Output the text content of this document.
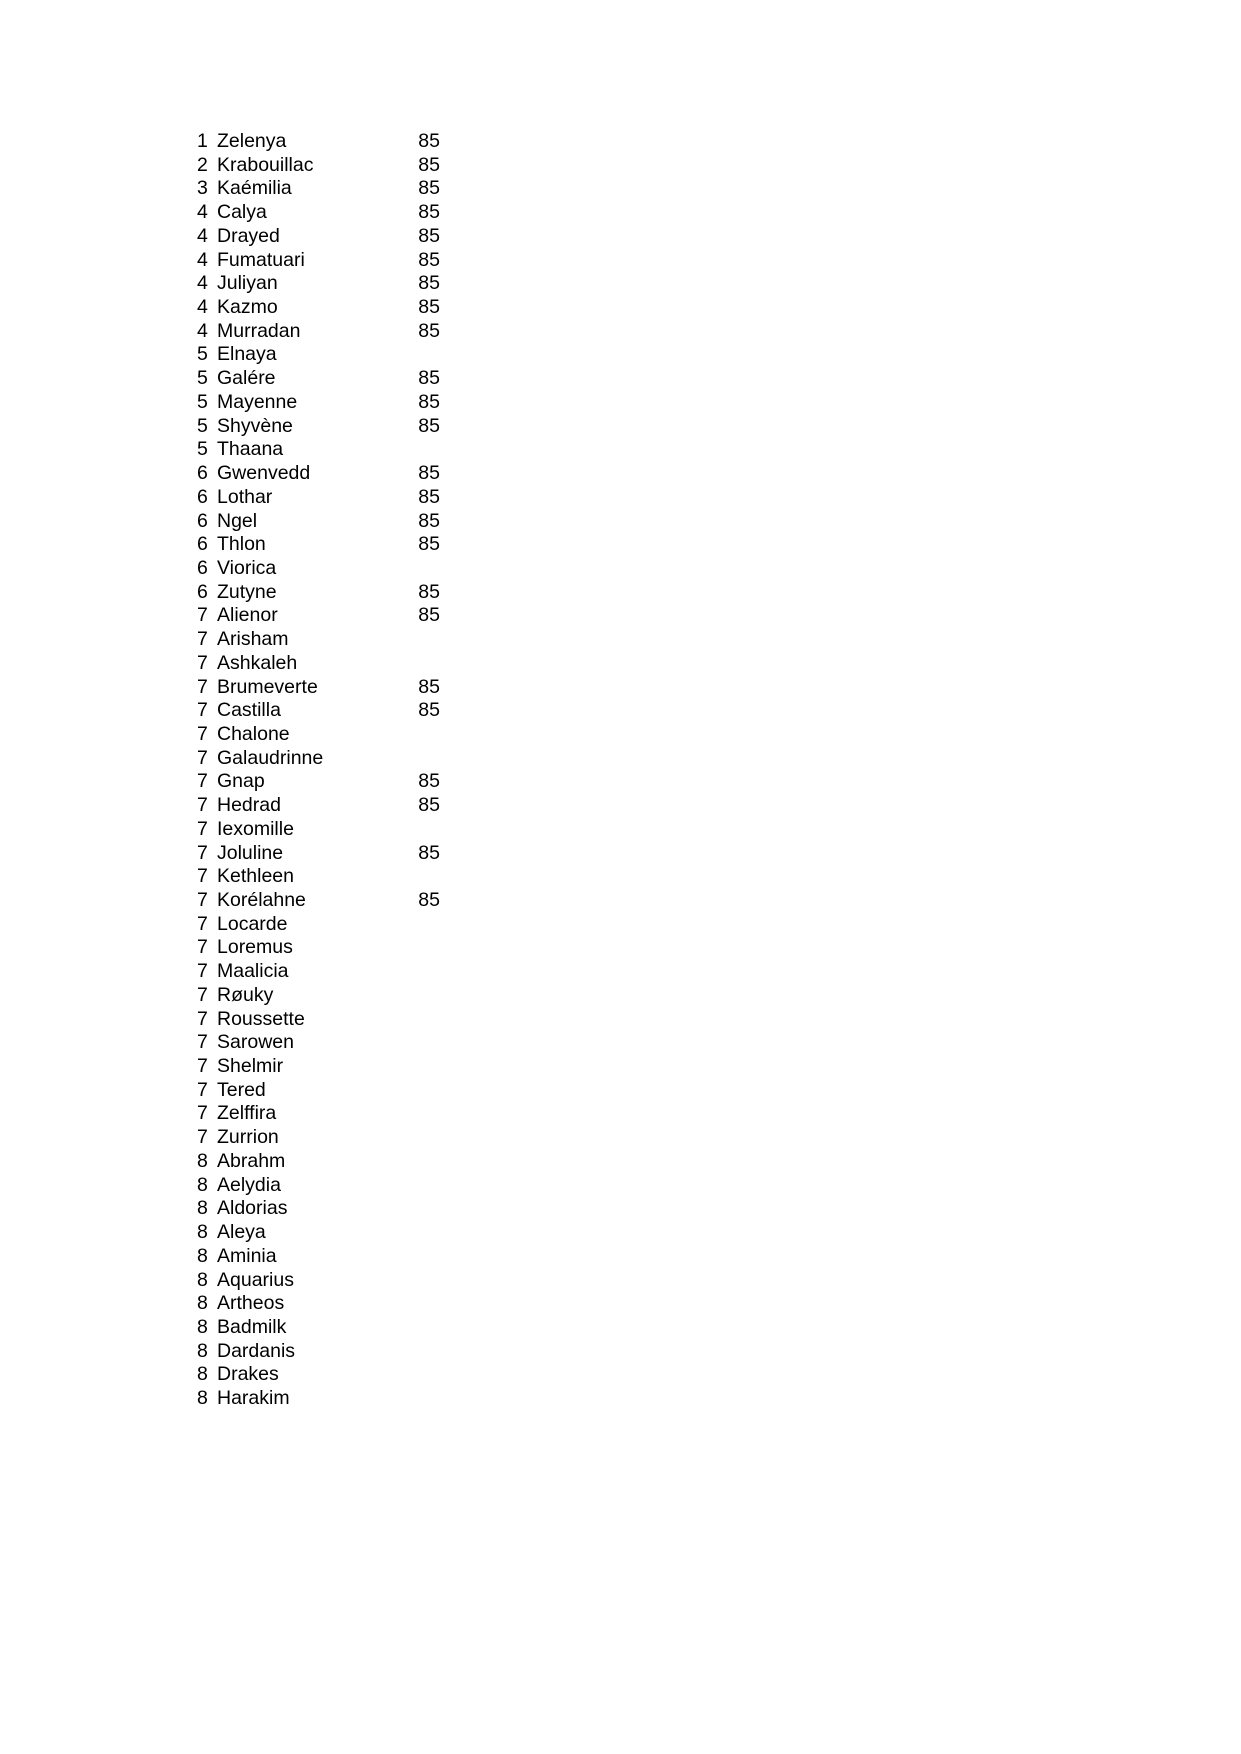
1 Zelenya	85
2 Krabouillac	85
3 Kaémilia	85
4 Calya	85
4 Drayed	85
4 Fumatuari	85
4 Juliyan	85
4 Kazmo	85
4 Murradan	85
5 Elnaya
5 Galére	85
5 Mayenne	85
5 Shyvène	85
5 Thaana
6 Gwenvedd	85
6 Lothar	85
6 Ngel	85
6 Thlon	85
6 Viorica
6 Zutyne	85
7 Alienor	85
7 Arisham
7 Ashkaleh
7 Brumeverte	85
7 Castilla	85
7 Chalone
7 Galaudrinne
7 Gnap	85
7 Hedrad	85
7 Iexomille
7 Joluline	85
7 Kethleen
7 Korélahne	85
7 Locarde
7 Loremus
7 Maalicia
7 Røuky
7 Roussette
7 Sarowen
7 Shelmir
7 Tered
7 Zelffira
7 Zurrion
8 Abrahm
8 Aelydia
8 Aldorias
8 Aleya
8 Aminia
8 Aquarius
8 Artheos
8 Badmilk
8 Dardanis
8 Drakes
8 Harakim
